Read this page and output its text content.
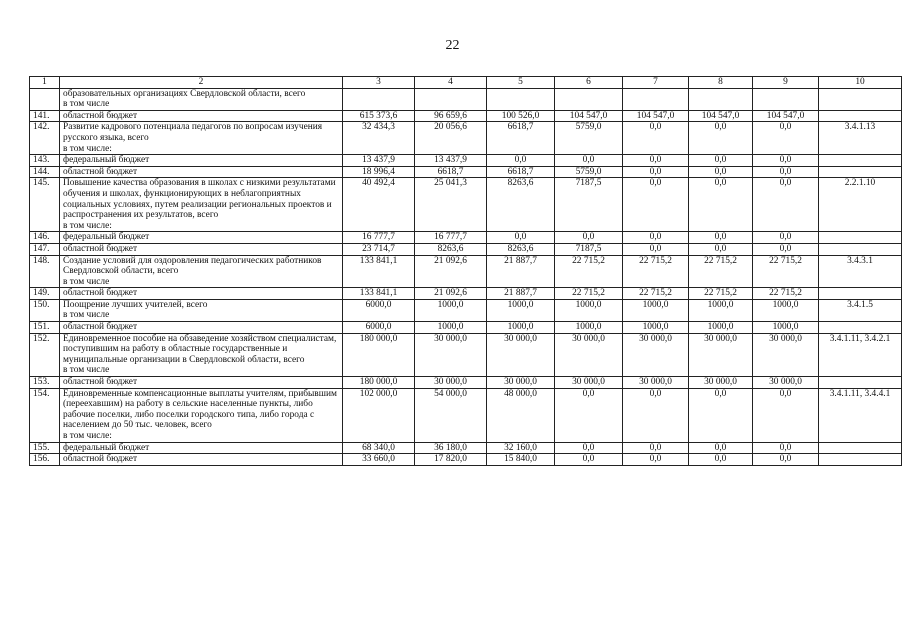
22
1	2	3	4	5	6	7	8	9	10
	образовательных организациях Свердловской области, всего
в том числе								
141.	областной бюджет	615 373,6	96 659,6	100 526,0	104 547,0	104 547,0	104 547,0	104 547,0	
142.	Развитие кадрового потенциала педагогов по вопросам изучения русского языка, всего
в том числе:	32 434,3	20 056,6	6618,7	5759,0	0,0	0,0	0,0	3.4.1.13
143.	федеральный бюджет	13 437,9	13 437,9	0,0	0,0	0,0	0,0	0,0	
144.	областной бюджет	18 996,4	6618,7	6618,7	5759,0	0,0	0,0	0,0	
145.	Повышение качества образования в школах с низкими результатами обучения и школах, функционирующих в неблагоприятных социальных условиях, путем реализации региональных проектов и распространения их результатов, всего
в том числе:	40 492,4	25 041,3	8263,6	7187,5	0,0	0,0	0,0	2.2.1.10
146.	федеральный бюджет	16 777,7	16 777,7	0,0	0,0	0,0	0,0	0,0	
147.	областной бюджет	23 714,7	8263,6	8263,6	7187,5	0,0	0,0	0,0	
148.	Создание условий для оздоровления педагогических работников Свердловской области, всего
в том числе	133 841,1	21 092,6	21 887,7	22 715,2	22 715,2	22 715,2	22 715,2	3.4.3.1
149.	областной бюджет	133 841,1	21 092,6	21 887,7	22 715,2	22 715,2	22 715,2	22 715,2	
150.	Поощрение лучших учителей, всего
в том числе	6000,0	1000,0	1000,0	1000,0	1000,0	1000,0	1000,0	3.4.1.5
151.	областной бюджет	6000,0	1000,0	1000,0	1000,0	1000,0	1000,0	1000,0	
152.	Единовременное пособие на обзаведение хозяйством специалистам, поступившим на работу в областные государственные и муниципальные организации в Свердловской области, всего
в том числе	180 000,0	30 000,0	30 000,0	30 000,0	30 000,0	30 000,0	30 000,0	3.4.1.11, 3.4.2.1
153.	областной бюджет	180 000,0	30 000,0	30 000,0	30 000,0	30 000,0	30 000,0	30 000,0	
154.	Единовременные компенсационные выплаты учителям, прибывшим (переехавшим) на работу в сельские населенные пункты, либо рабочие поселки, либо поселки городского типа, либо города с населением до 50 тыс. человек, всего
в том числе:	102 000,0	54 000,0	48 000,0	0,0	0,0	0,0	0,0	3.4.1.11, 3.4.4.1
155.	федеральный бюджет	68 340,0	36 180,0	32 160,0	0,0	0,0	0,0	0,0	
156.	областной бюджет	33 660,0	17 820,0	15 840,0	0,0	0,0	0,0	0,0	
